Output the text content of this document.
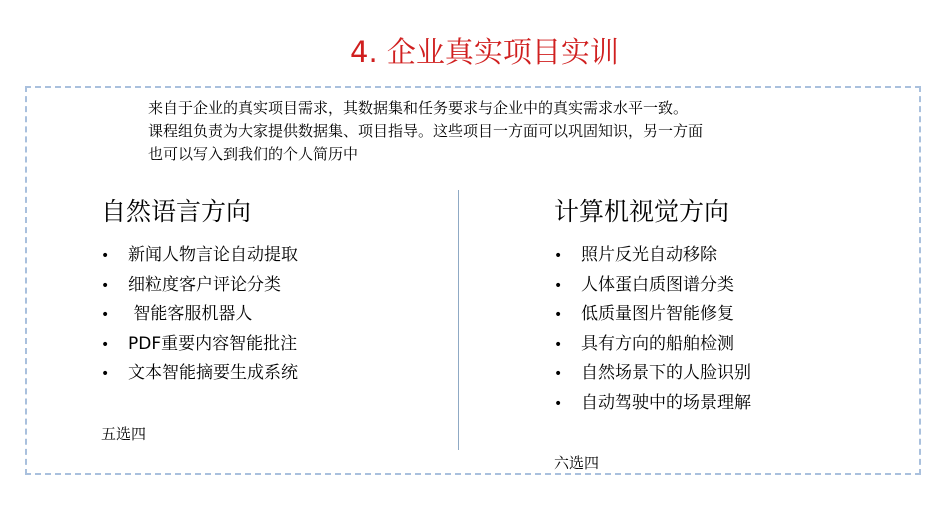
4. 企业真实项目实训
来自于企业的真实项目需求，其数据集和任务要求与企业中的真实需求水平一致。
课程组负责为大家提供数据集、项目指导。这些项目一方面可以巩固知识，另一方面
也可以写入到我们的个人简历中
自然语言方向
• 新闻人物言论自动提取
• 细粒度客户评论分类
• 智能客服机器人
• PDF重要内容智能批注
• 文本智能摘要生成系统
五选四
计算机视觉方向
• 照片反光自动移除
• 人体蛋白质图谱分类
• 低质量图片智能修复
• 具有方向的船舶检测
• 自然场景下的人脸识别
• 自动驾驶中的场景理解
六选四
